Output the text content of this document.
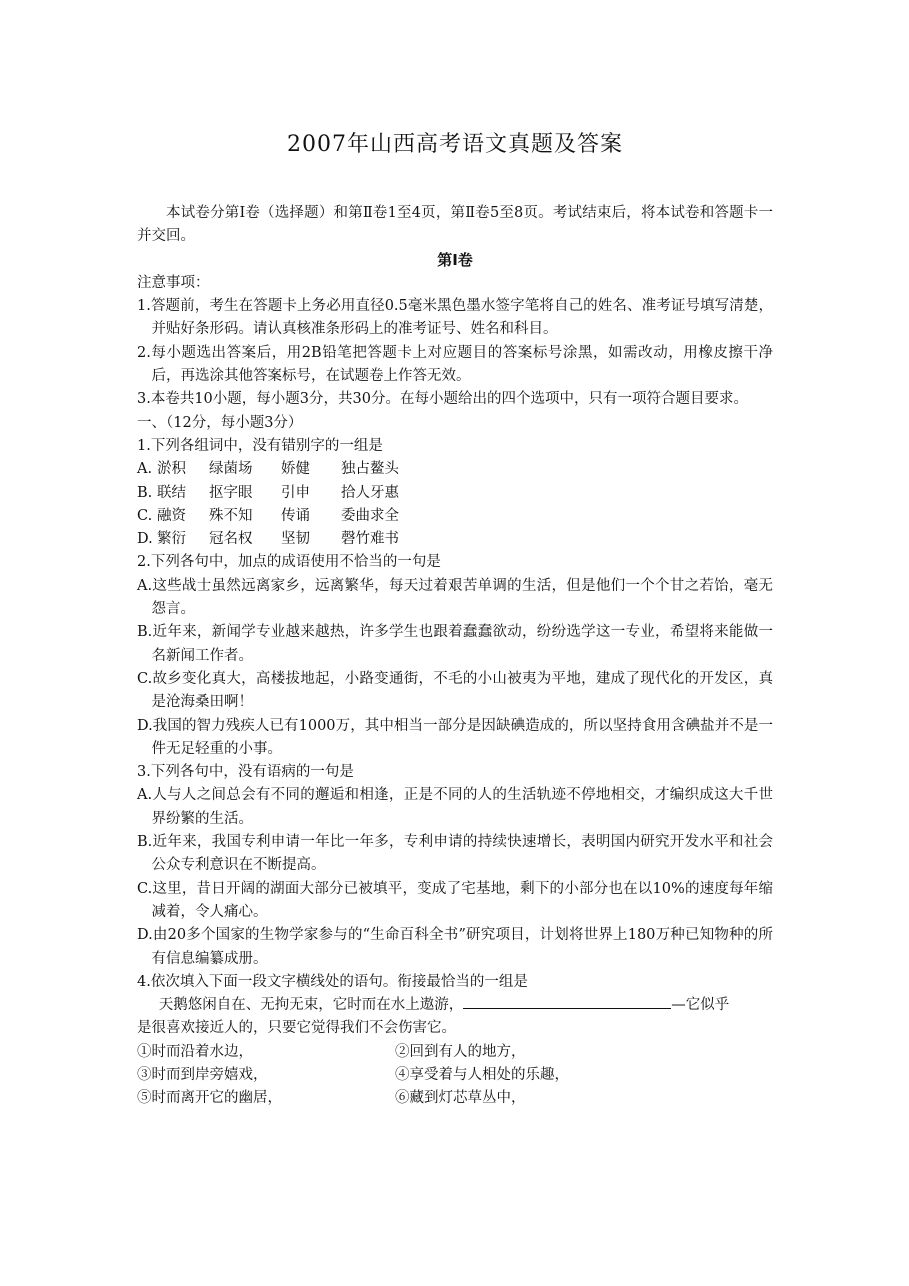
2007年山西高考语文真题及答案
本试卷分第Ⅰ卷（选择题）和第Ⅱ卷1至4页，第Ⅱ卷5至8页。考试结束后，将本试卷和答题卡一并交回。
第Ⅰ卷
注意事项：
1.答题前，考生在答题卡上务必用直径0.5毫米黑色墨水签字笔将自己的姓名、准考证号填写清楚，并贴好条形码。请认真核准条形码上的准考证号、姓名和科目。
2.每小题选出答案后，用2B铅笔把答题卡上对应题目的答案标号涂黑，如需改动，用橡皮擦干净后，再选涂其他答案标号，在试题卷上作答无效。
3.本卷共10小题，每小题3分，共30分。在每小题给出的四个选项中，只有一项符合题目要求。
一、（12分，每小题3分）
1.下列各组词中，没有错别字的一组是
A. 淤积	绿菌场	娇健	独占鳌头
B. 联结	抠字眼	引申	拾人牙惠
C. 融资	殊不知	传诵	委曲求全
D. 繁衍	冠名权	坚韧	磬竹难书
2.下列各句中，加点的成语使用不恰当的一句是
A.这些战士虽然远离家乡，远离繁华，每天过着艰苦单调的生活，但是他们一个个甘之若饴，毫无怨言。
B.近年来，新闻学专业越来越热，许多学生也跟着蠢蠢欲动，纷纷选学这一专业，希望将来能做一名新闻工作者。
C.故乡变化真大，高楼拔地起，小路变通街，不毛的小山被夷为平地，建成了现代化的开发区，真是沧海桑田啊！
D.我国的智力残疾人已有1000万，其中相当一部分是因缺碘造成的，所以坚持食用含碘盐并不是一件无足轻重的小事。
3.下列各句中，没有语病的一句是
A.人与人之间总会有不同的邂逅和相逢，正是不同的人的生活轨迹不停地相交，才编织成这大千世界纷繁的生活。
B.近年来，我国专利申请一年比一年多，专利申请的持续快速增长，表明国内研究开发水平和社会公众专利意识在不断提高。
C.这里，昔日开阔的湖面大部分已被填平，变成了宅基地，剩下的小部分也在以10%的速度每年缩减着，令人痛心。
D.由20多个国家的生物学家参与的“生命百科全书”研究项目，计划将世界上180万种已知物种的所有信息编纂成册。
4.依次填入下面一段文字横线处的语句。衔接最恰当的一组是
天鹅悠闲自在、无拘无束，它时而在水上遨游，	—它似乎
是很喜欢接近人的，只要它觉得我们不会伤害它。
①时而沿着水边，	②回到有人的地方，
③时而到岸旁嬉戏，	④享受着与人相处的乐趣，
⑤时而离开它的幽居，	⑥藏到灯芯草丛中，
